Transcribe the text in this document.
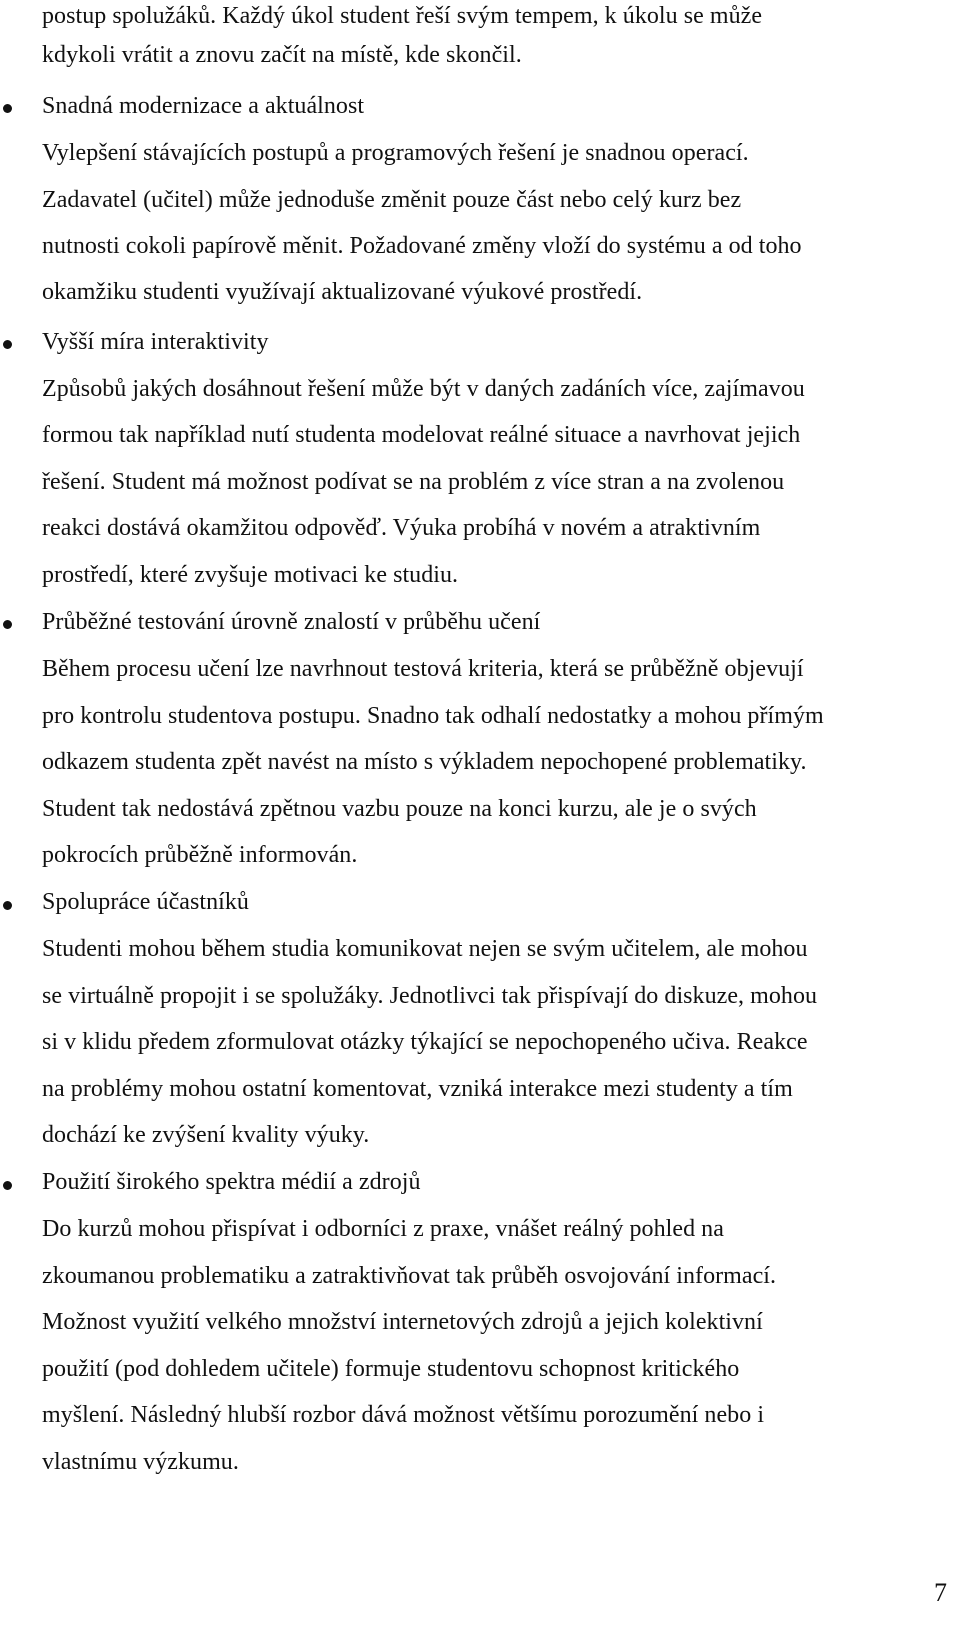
postup spolužáků. Každý úkol student řeší svým tempem, k úkolu se může
kdykoli vrátit a znovu začít na místě, kde skončil.
Snadná modernizace a aktuálnost
Vylepšení stávajících postupů a programových řešení je snadnou operací.
Zadavatel (učitel) může jednoduše změnit pouze část nebo celý kurz bez
nutnosti cokoli papírově měnit. Požadované změny vloží do systému a od toho
okamžiku studenti využívají aktualizované výukové prostředí.
Vyšší míra interaktivity
Způsobů jakých dosáhnout řešení může být v daných zadáních více, zajímavou
formou tak například nutí studenta modelovat reálné situace a navrhovat jejich
řešení. Student má možnost podívat se na problém z více stran a na zvolenou
reakci dostává okamžitou odpověď. Výuka probíhá v novém a atraktivním
prostředí, které zvyšuje motivaci ke studiu.
Průběžné testování úrovně znalostí v průběhu učení
Během procesu učení lze navrhnout testová kriteria, která se průběžně objevují
pro kontrolu studentova postupu. Snadno tak odhalí nedostatky a mohou přímým
odkazem studenta zpět navést na místo s výkladem nepochopené problematiky.
Student tak nedostává zpětnou vazbu pouze na konci kurzu, ale je o svých
pokrocích průběžně informován.
Spolupráce účastníků
Studenti mohou během studia komunikovat nejen se svým učitelem, ale mohou
se virtuálně propojit i se spolužáky. Jednotlivci tak přispívají do diskuze, mohou
si v klidu předem zformulovat otázky týkající se nepochopeného učiva. Reakce
na problémy mohou ostatní komentovat, vzniká interakce mezi studenty a tím
dochází ke zvýšení kvality výuky.
Použití širokého spektra médií a zdrojů
Do kurzů mohou přispívat i odborníci z praxe, vnášet reálný pohled na
zkoumanou problematiku a zatraktivňovat tak průběh osvojování informací.
Možnost využití velkého množství internetových zdrojů a jejich kolektivní
použití (pod dohledem učitele) formuje studentovu schopnost kritického
myšlení. Následný hlubší rozbor dává možnost většímu porozumění nebo i
vlastnímu výzkumu.
7
